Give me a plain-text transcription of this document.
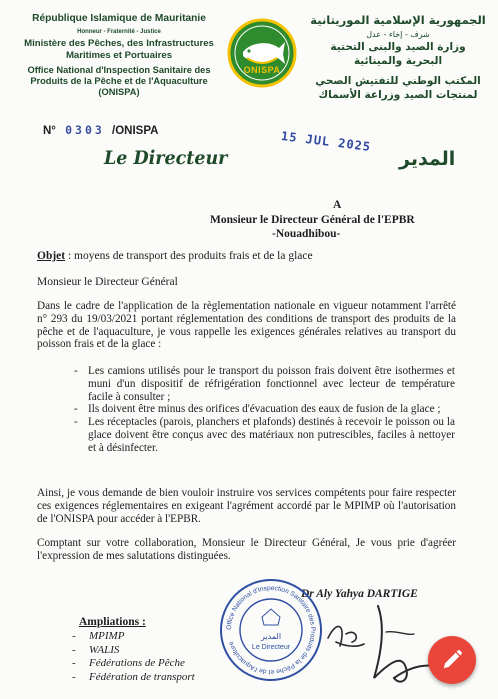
République Islamique de Mauritanie
Honneur - Fraternité - Justice
Ministère des Pêches, des Infrastructures Maritimes et Portuaires
Office National d'Inspection Sanitaire des Produits de la Pêche et de l'Aquaculture
(ONISPA)
الجمهورية الإسلامية الموريتانية
شرف - إخاء - عدل
وزارة الصيد والبنى التحتية البحرية والمينائية
المكتب الوطني للتفتيش الصحي لمنتجات الصيد وزراعة الأسماك
ONISPA
N° 0303 /ONISPA
Le Directeur
15 JUL 2025
المدير
A
Monsieur le Directeur Général de l'EPBR
-Nouadhibou-
Objet : moyens de transport des produits frais et de la glace
Monsieur le Directeur Général
Dans le cadre de l'application de la règlementation nationale en vigueur notamment l'arrêté n° 293 du 19/03/2021 portant réglementation des conditions de transport des produits de la pêche et de l'aquaculture, je vous rappelle les exigences générales relatives au transport du poisson frais et de la glace :
- Les camions utilisés pour le transport du poisson frais doivent être isothermes et muni d'un dispositif de réfrigération fonctionnel avec lecteur de température facile à consulter ;
- Ils doivent être minus des orifices d'évacuation des eaux de fusion de la glace ;
- Les réceptacles (parois, planchers et plafonds) destinés à recevoir le poisson ou la glace doivent être conçus avec des matériaux non putrescibles, faciles à nettoyer et à désinfecter.
Ainsi, je vous demande de bien vouloir instruire vos services compétents pour faire respecter ces exigences réglementaires en exigeant l'agrément accordé par le MPIMP où l'autorisation de l'ONISPA pour accéder à l'EPBR.
Comptant sur votre collaboration, Monsieur le Directeur Général, Je vous prie d'agréer l'expression de mes salutations distinguées.
Dr Aly Yahya DARTIGE
Office National d'Inspection Sanitaire des Produits de la Pêche et de l'Aquaculture
المدير
Le Directeur
Ampliations :
- MPIMP
- WALIS
- Fédérations de Pêche
- Fédération de transport
